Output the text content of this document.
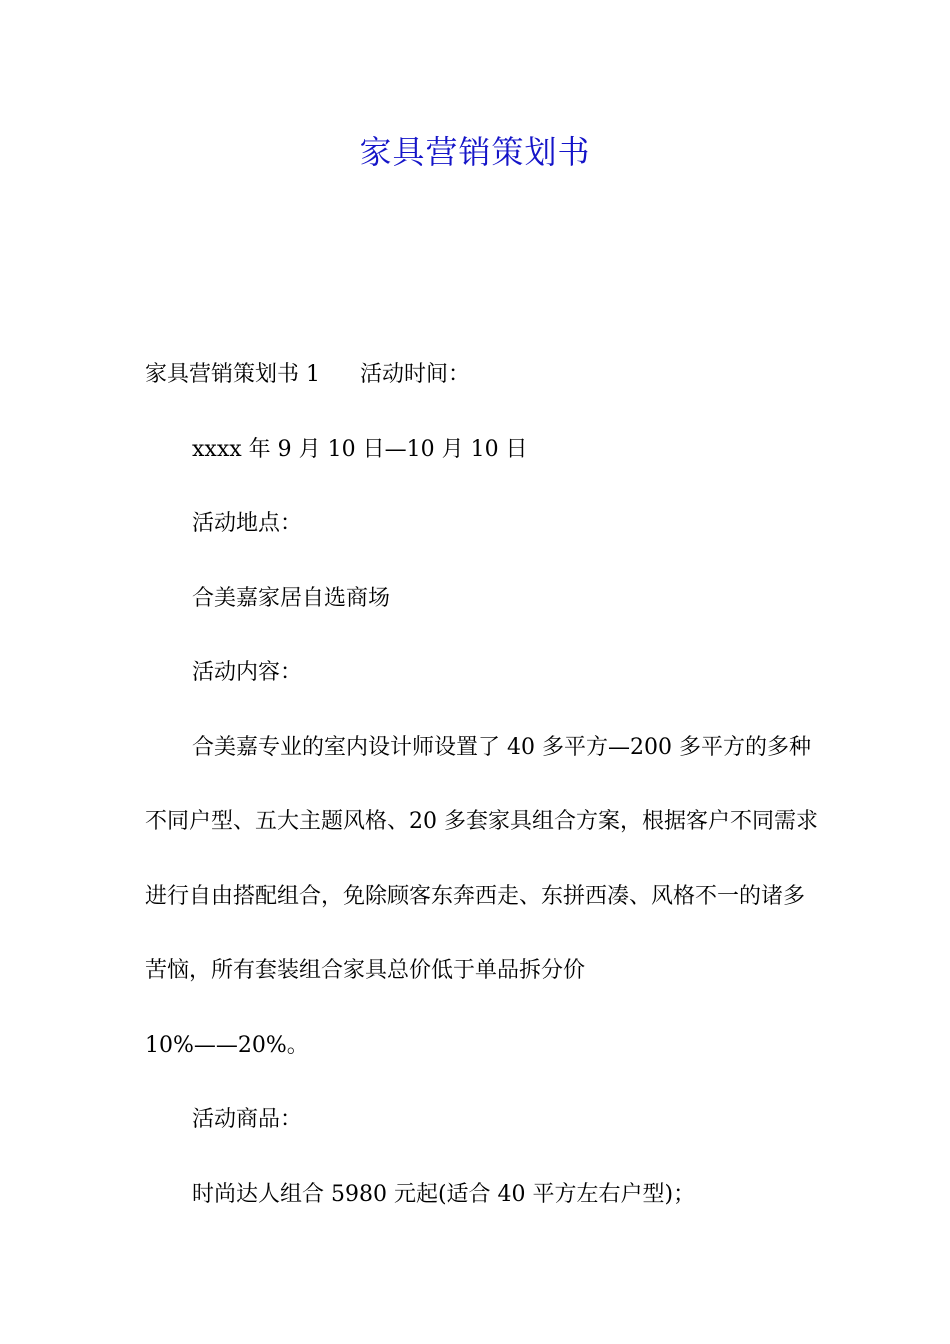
家具营销策划书

家具营销策划书 1 活动时间：

xxxx 年 9 月 10 日—10 月 10 日

活动地点：

合美嘉家居自选商场

活动内容：

合美嘉专业的室内设计师设置了 40 多平方—200 多平方的多种不同户型、五大主题风格、20 多套家具组合方案，根据客户不同需求进行自由搭配组合，免除顾客东奔西走、东拼西凑、风格不一的诸多苦恼，所有套装组合家具总价低于单品拆分价

10%——20%。

活动商品：

时尚达人组合 5980 元起(适合 40 平方左右户型)；
